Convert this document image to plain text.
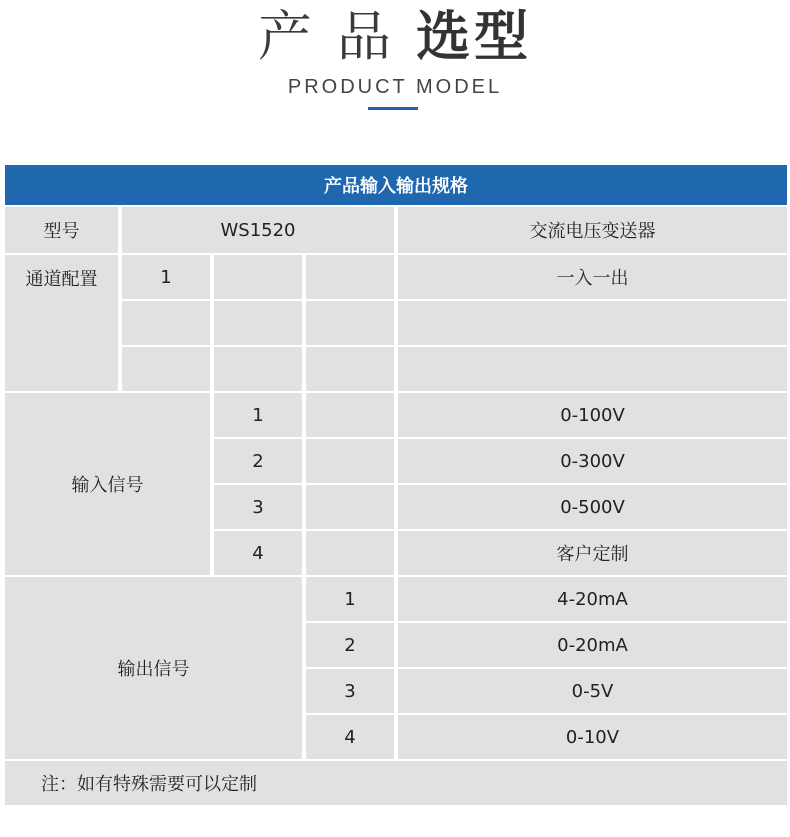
产 品 选型
PRODUCT MODEL
产品输入输出规格
型号	WS1520	交流电压变送器
通道配置	1	一入一出
输入信号
1	0-100V
2	0-300V
3	0-500V
4	客户定制
输出信号
1	4-20mA
2	0-20mA
3	0-5V
4	0-10V
注：如有特殊需要可以定制
